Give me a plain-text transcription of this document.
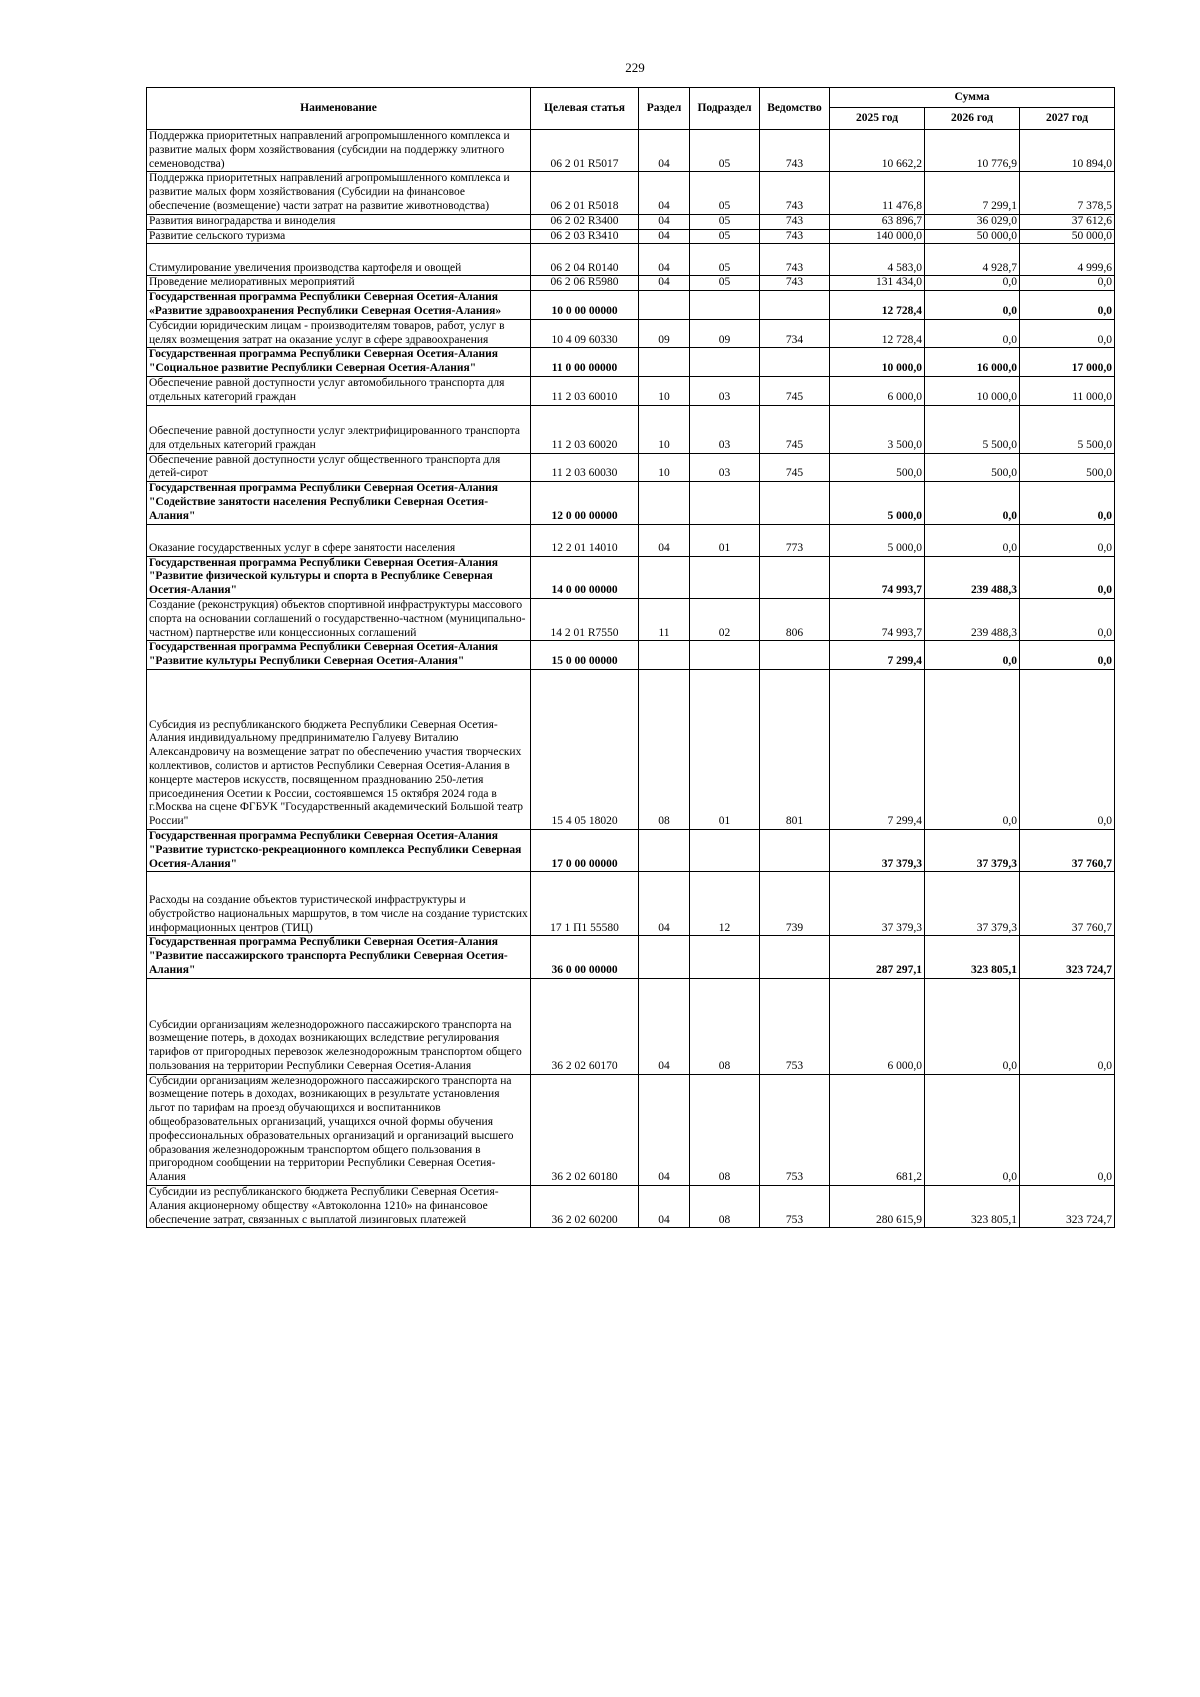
229
Наименование	Целевая статья	Раздел	Подраздел	Ведомство	Сумма		
					2025 год	2026 год	2027 год
Поддержка приоритетных направлений агропромышленного комплекса и развитие малых форм хозяйствования (субсидии на поддержку элитного семеноводства)	06 2 01 R5017	04	05	743	10 662,2	10 776,9	10 894,0
Поддержка приоритетных направлений агропромышленного комплекса и развитие малых форм хозяйствования (Субсидии на финансовое обеспечение (возмещение) части затрат на развитие животноводства)	06 2 01 R5018	04	05	743	11 476,8	7 299,1	7 378,5
Развития виноградарства и виноделия	06 2 02 R3400	04	05	743	63 896,7	36 029,0	37 612,6
Развитие сельского туризма	06 2 03 R3410	04	05	743	140 000,0	50 000,0	50 000,0
Стимулирование увеличения производства картофеля и овощей	06 2 04 R0140	04	05	743	4 583,0	4 928,7	4 999,6
Проведение мелиоративных мероприятий	06 2 06 R5980	04	05	743	131 434,0	0,0	0,0
Государственная программа Республики Северная Осетия-Алания «Развитие здравоохранения Республики Северная Осетия-Алания»	10 0 00 00000				12 728,4	0,0	0,0
Субсидии юридическим лицам - производителям товаров, работ, услуг в целях возмещения затрат на оказание услуг в сфере здравоохранения	10 4 09 60330	09	09	734	12 728,4	0,0	0,0
Государственная программа Республики Северная Осетия-Алания "Социальное развитие Республики Северная Осетия-Алания"	11 0 00 00000				10 000,0	16 000,0	17 000,0
Обеспечение равной доступности услуг автомобильного транспорта для отдельных категорий граждан	11 2 03 60010	10	03	745	6 000,0	10 000,0	11 000,0
Обеспечение равной доступности услуг электрифицированного транспорта для отдельных категорий граждан	11 2 03 60020	10	03	745	3 500,0	5 500,0	5 500,0
Обеспечение равной доступности услуг общественного транспорта для детей-сирот	11 2 03 60030	10	03	745	500,0	500,0	500,0
Государственная программа Республики Северная Осетия-Алания "Содействие занятости населения Республики Северная Осетия-Алания"	12 0 00 00000				5 000,0	0,0	0,0
Оказание государственных услуг в сфере занятости населения	12 2 01 14010	04	01	773	5 000,0	0,0	0,0
Государственная программа Республики Северная Осетия-Алания "Развитие физической культуры и спорта в Республике Северная Осетия-Алания"	14 0 00 00000				74 993,7	239 488,3	0,0
Создание (реконструкция) объектов спортивной инфраструктуры массового спорта на основании соглашений о государственно-частном (муниципально-частном) партнерстве или концессионных соглашений	14 2 01 R7550	11	02	806	74 993,7	239 488,3	0,0
Государственная программа Республики Северная Осетия-Алания "Развитие культуры Республики Северная Осетия-Алания"	15 0 00 00000				7 299,4	0,0	0,0
Субсидия из республиканского бюджета Республики Северная Осетия-Алания индивидуальному предпринимателю Галуеву Виталию Александровичу на возмещение затрат по обеспечению участия творческих коллективов, солистов и артистов Республики Северная Осетия-Алания в концерте мастеров искусств, посвященном празднованию 250-летия присоединения Осетии к России, состоявшемся 15 октября 2024 года в г.Москва на сцене ФГБУК "Государственный академический Большой театр России"	15 4 05 18020	08	01	801	7 299,4	0,0	0,0
Государственная программа Республики Северная Осетия-Алания "Развитие туристско-рекреационного комплекса Республики Северная Осетия-Алания"	17 0 00 00000				37 379,3	37 379,3	37 760,7
Расходы на создание объектов туристической инфраструктуры и обустройство национальных маршрутов, в том числе на создание туристских информационных центров (ТИЦ)	17 1 П1 55580	04	12	739	37 379,3	37 379,3	37 760,7
Государственная программа Республики Северная Осетия-Алания "Развитие пассажирского транспорта Республики Северная Осетия-Алания"	36 0 00 00000				287 297,1	323 805,1	323 724,7
Субсидии организациям железнодорожного пассажирского транспорта на возмещение потерь, в доходах возникающих вследствие регулирования тарифов от пригородных перевозок железнодорожным транспортом общего пользования на территории Республики Северная Осетия-Алания	36 2 02 60170	04	08	753	6 000,0	0,0	0,0
Субсидии организациям железнодорожного пассажирского транспорта на возмещение потерь в доходах, возникающих в результате установления льгот по тарифам на проезд обучающихся и воспитанников общеобразовательных организаций, учащихся очной формы обучения профессиональных образовательных организаций и организаций высшего образования железнодорожным транспортом общего пользования в пригородном сообщении на территории Республики Северная Осетия-Алания	36 2 02 60180	04	08	753	681,2	0,0	0,0
Субсидии из республиканского бюджета Республики Северная Осетия-Алания акционерному обществу «Автоколонна 1210» на финансовое обеспечение затрат, связанных с выплатой лизинговых платежей	36 2 02 60200	04	08	753	280 615,9	323 805,1	323 724,7
